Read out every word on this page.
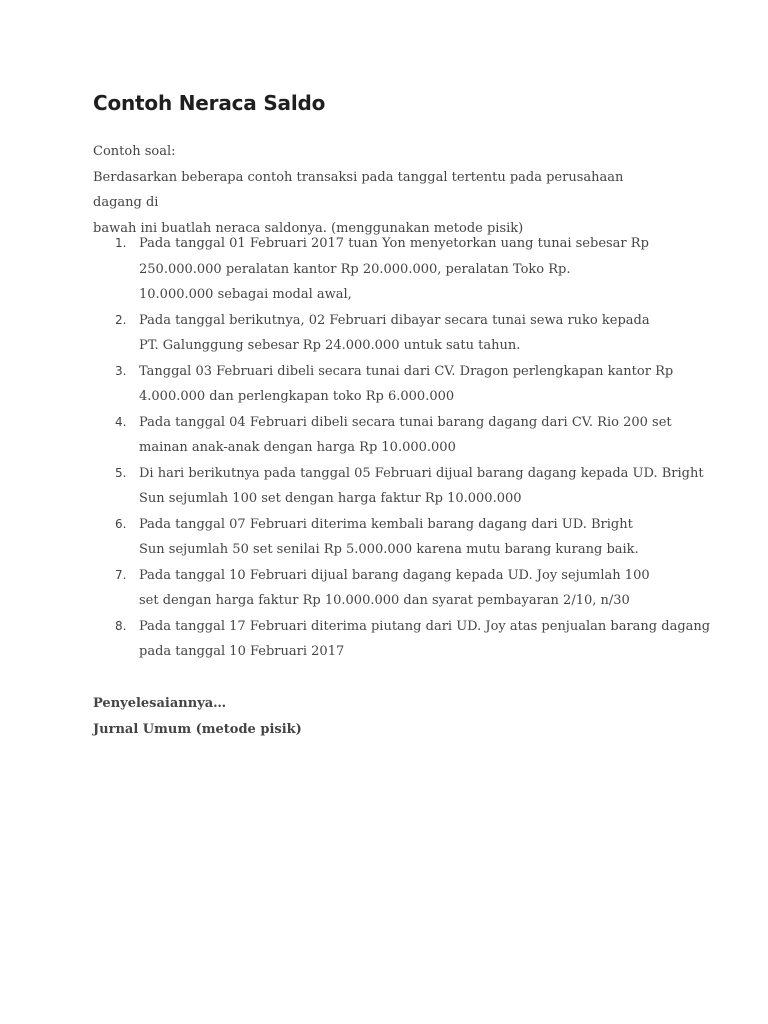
Contoh Neraca Saldo

Contoh soal:

Berdasarkan beberapa contoh transaksi pada tanggal tertentu pada perusahaan dagang di

bawah ini buatlah neraca saldonya. (menggunakan metode pisik)

1. Pada tanggal 01 Februari 2017 tuan Yon menyetorkan uang tunai sebesar Rp
250.000.000 peralatan kantor Rp 20.000.000, peralatan Toko Rp.
10.000.000 sebagai modal awal,
2. Pada tanggal berikutnya, 02 Februari dibayar secara tunai sewa ruko kepada
PT. Galunggung sebesar Rp 24.000.000 untuk satu tahun.
3. Tanggal 03 Februari dibeli secara tunai dari CV. Dragon perlengkapan kantor Rp
4.000.000 dan perlengkapan toko Rp 6.000.000
4. Pada tanggal 04 Februari dibeli secara tunai barang dagang dari CV. Rio 200 set
mainan anak-anak dengan harga Rp 10.000.000
5. Di hari berikutnya pada tanggal 05 Februari dijual barang dagang kepada UD. Bright
Sun sejumlah 100 set dengan harga faktur Rp 10.000.000
6. Pada tanggal 07 Februari diterima kembali barang dagang dari UD. Bright
Sun sejumlah 50 set senilai Rp 5.000.000 karena mutu barang kurang baik.
7. Pada tanggal 10 Februari dijual barang dagang kepada UD. Joy sejumlah 100
set dengan harga faktur Rp 10.000.000 dan syarat pembayaran 2/10, n/30
8. Pada tanggal 17 Februari diterima piutang dari UD. Joy atas penjualan barang dagang
pada tanggal 10 Februari 2017

Penyelesaiannya…

Jurnal Umum (metode pisik)
